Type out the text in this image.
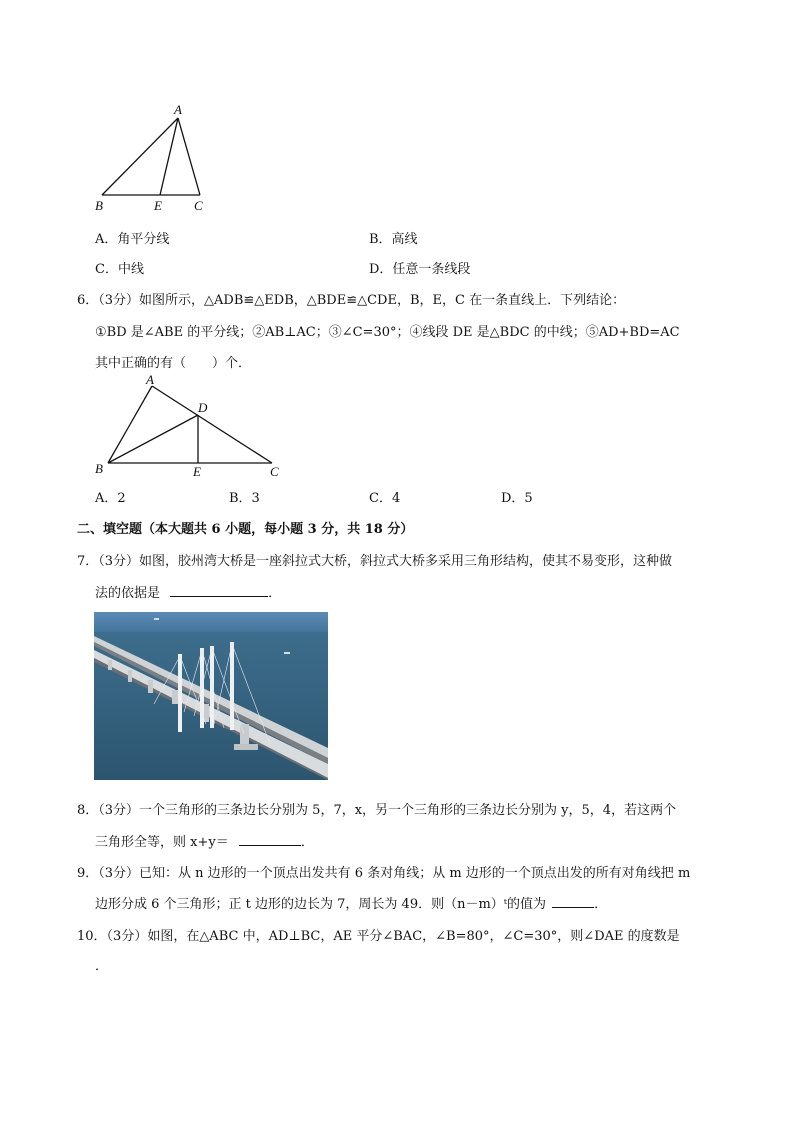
A
B	E C
A．角平分线	B．高线
C．中线	D．任意一条线段
6．（3分）如图所示，△ADB≌△EDB，△BDE≌△CDE，B，E，C 在一条直线上．下列结论：
①BD 是∠ABE 的平分线；②AB⊥AC；③∠C=30°；④线段 DE 是△BDC 的中线；⑤AD+BD=AC
其中正确的有（　　）个．
A
D
B	E	C
A．2	B．3	C．4	D．5
二、填空题（本大题共 6 小题，每小题 3 分，共 18 分）
7．（3分）如图，胶州湾大桥是一座斜拉式大桥，斜拉式大桥多采用三角形结构，使其不易变形，这种做
法的依据是	．
8．（3分）一个三角形的三条边长分别为 5，7，x，另一个三角形的三条边长分别为 y，5，4，若这两个
三角形全等，则 x+y＝	．
9．（3分）已知：从 n 边形的一个顶点出发共有 6 条对角线；从 m 边形的一个顶点出发的所有对角线把 m
边形分成 6 个三角形；正 t 边形的边长为 7，周长为 49．则（n－m）ᵗ的值为	．
10．（3分）如图，在△ABC 中，AD⊥BC，AE 平分∠BAC，∠B=80°，∠C=30°，则∠DAE 的度数是
．
